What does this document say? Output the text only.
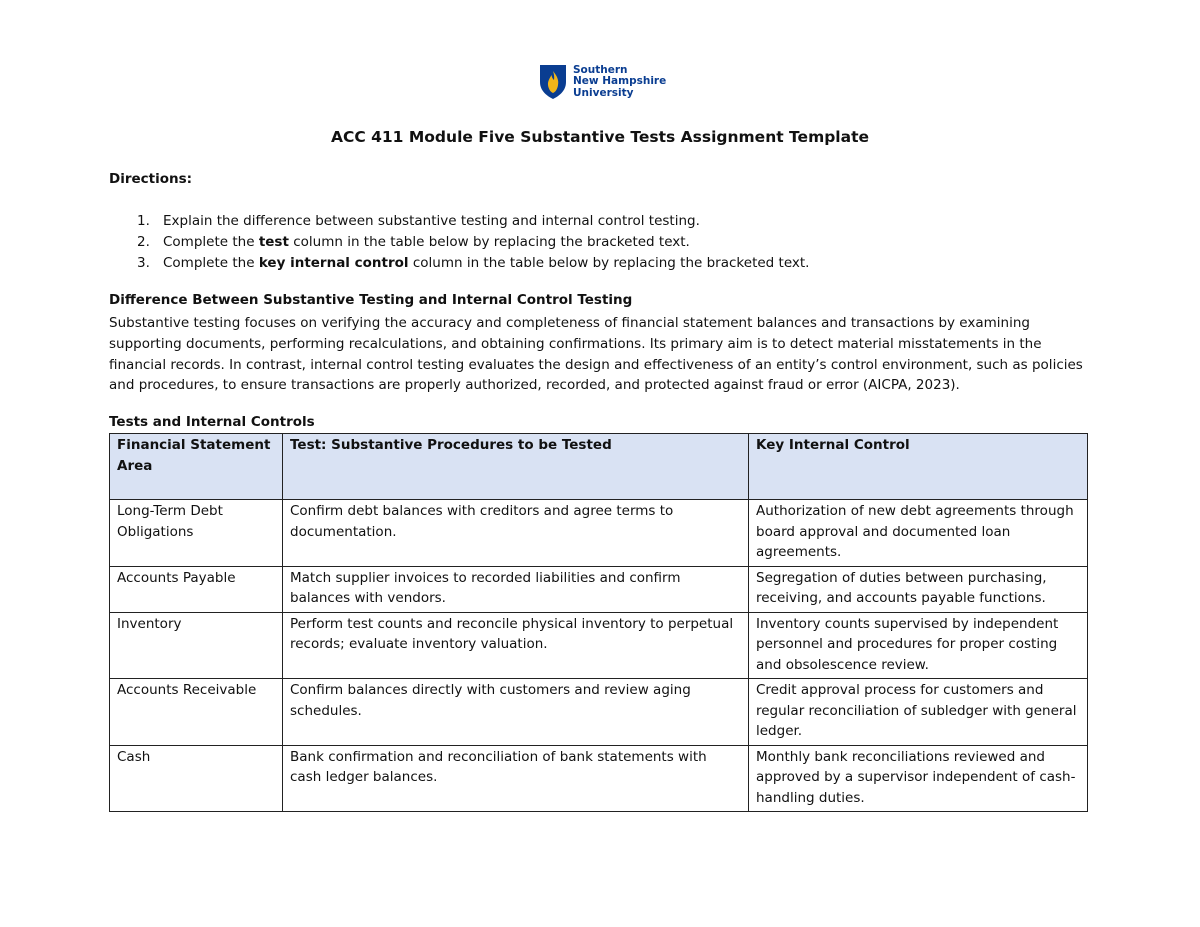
Southern
New Hampshire
University
ACC 411 Module Five Substantive Tests Assignment Template
Directions:
1. Explain the difference between substantive testing and internal control testing.
2. Complete the test column in the table below by replacing the bracketed text.
3. Complete the key internal control column in the table below by replacing the bracketed text.
Difference Between Substantive Testing and Internal Control Testing

Substantive testing focuses on verifying the accuracy and completeness of financial statement balances and transactions by examining supporting documents, performing recalculations, and obtaining confirmations. Its primary aim is to detect material misstatements in the financial records. In contrast, internal control testing evaluates the design and effectiveness of an entity’s control environment, such as policies and procedures, to ensure transactions are properly authorized, recorded, and protected against fraud or error (AICPA, 2023).

Tests and Internal Controls
Financial Statement Area	Test: Substantive Procedures to be Tested	Key Internal Control
Long-Term Debt Obligations	Confirm debt balances with creditors and agree terms to documentation.	Authorization of new debt agreements through board approval and documented loan agreements.
Accounts Payable	Match supplier invoices to recorded liabilities and confirm balances with vendors.	Segregation of duties between purchasing, receiving, and accounts payable functions.
Inventory	Perform test counts and reconcile physical inventory to perpetual records; evaluate inventory valuation.	Inventory counts supervised by independent personnel and procedures for proper costing and obsolescence review.
Accounts Receivable	Confirm balances directly with customers and review aging schedules.	Credit approval process for customers and regular reconciliation of subledger with general ledger.
Cash	Bank confirmation and reconciliation of bank statements with cash ledger balances.	Monthly bank reconciliations reviewed and approved by a supervisor independent of cash-handling duties.
